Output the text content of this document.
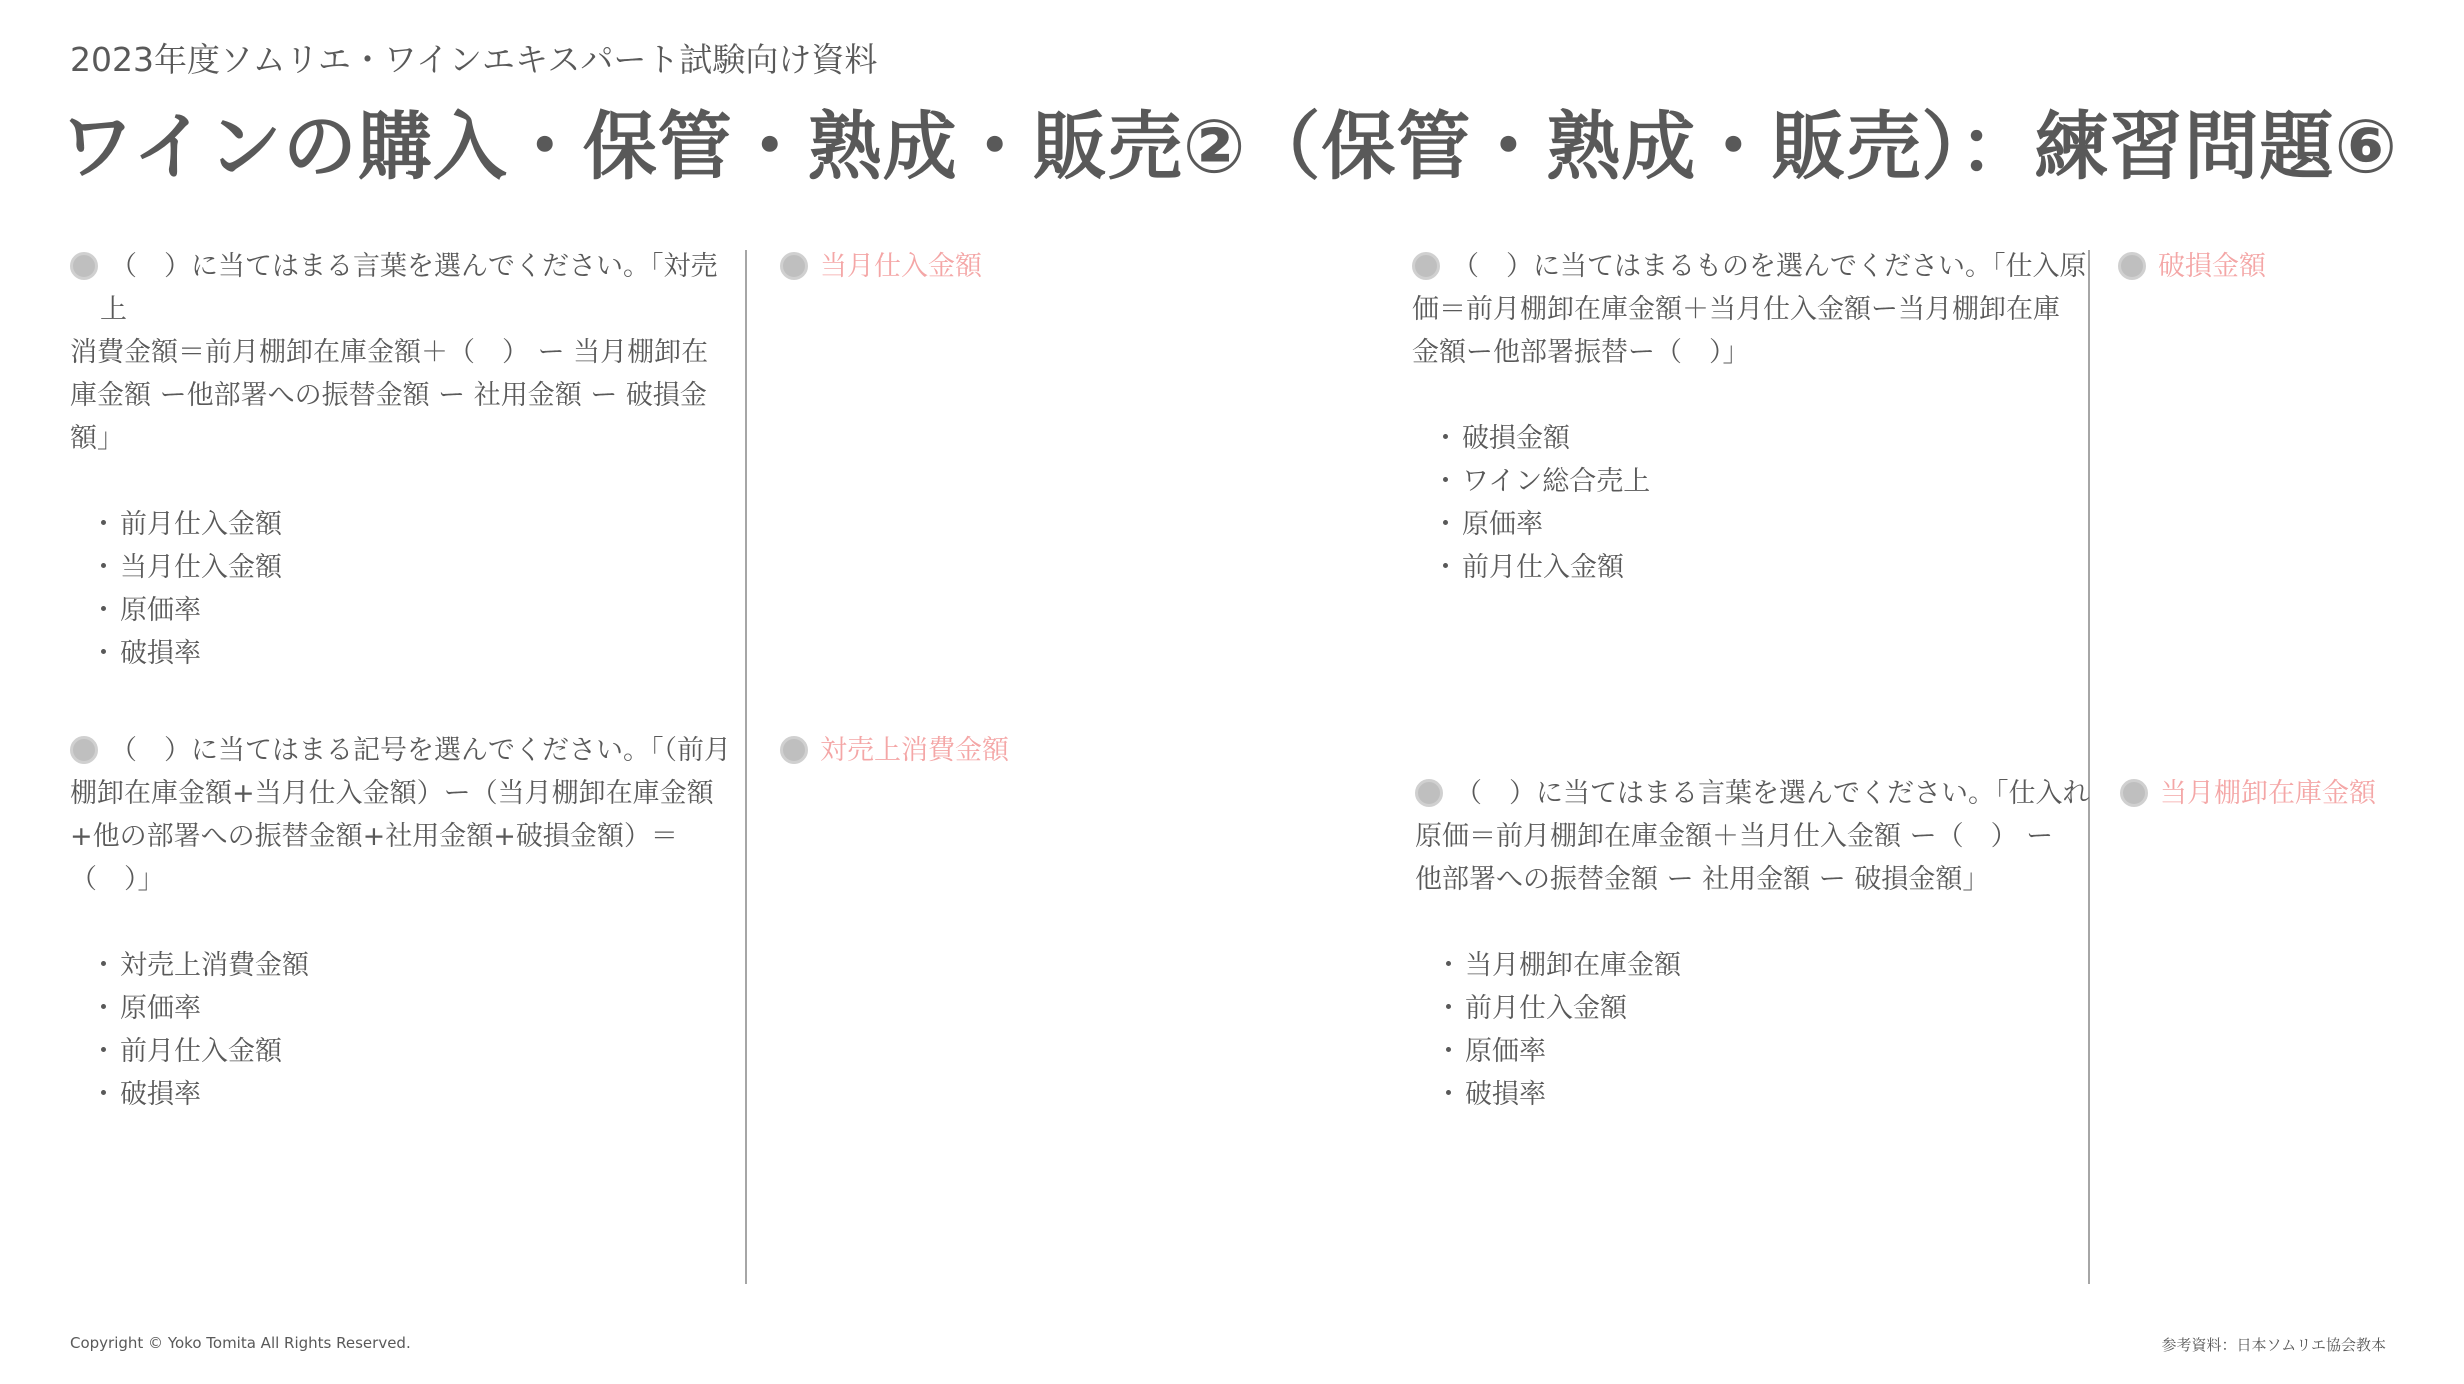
2023年度ソムリエ・ワインエキスパート試験向け資料
ワインの購入・保管・熟成・販売②（保管・熟成・販売）：練習問題⑥

（　）に当てはまる言葉を選んでください。「対売上
消費金額＝前月棚卸在庫金額＋（　） ー 当月棚卸在
庫金額 ー他部署への振替金額 ー 社用金額 ー 破損金
額」

・ 前月仕入金額
・ 当月仕入金額
・ 原価率
・ 破損率
当月仕入金額

（　）に当てはまる記号を選んでください。「（前月
棚卸在庫金額+当月仕入金額）ー（当月棚卸在庫金額
+他の部署への振替金額+社用金額+破損金額）＝
（　）」

・ 対売上消費金額
・ 原価率
・ 前月仕入金額
・ 破損率
対売上消費金額

（　）に当てはまるものを選んでください。「仕入原
価＝前月棚卸在庫金額＋当月仕入金額ー当月棚卸在庫
金額ー他部署振替ー（　）」

・ 破損金額
・ ワイン総合売上
・ 原価率
・ 前月仕入金額
破損金額

（　）に当てはまる言葉を選んでください。「仕入れ
原価＝前月棚卸在庫金額＋当月仕入金額 ー（　） ー
他部署への振替金額 ー 社用金額 ー 破損金額」

・ 当月棚卸在庫金額
・ 前月仕入金額
・ 原価率
・ 破損率
当月棚卸在庫金額
Copyright © Yoko Tomita All Rights Reserved.	参考資料：日本ソムリエ協会教本
